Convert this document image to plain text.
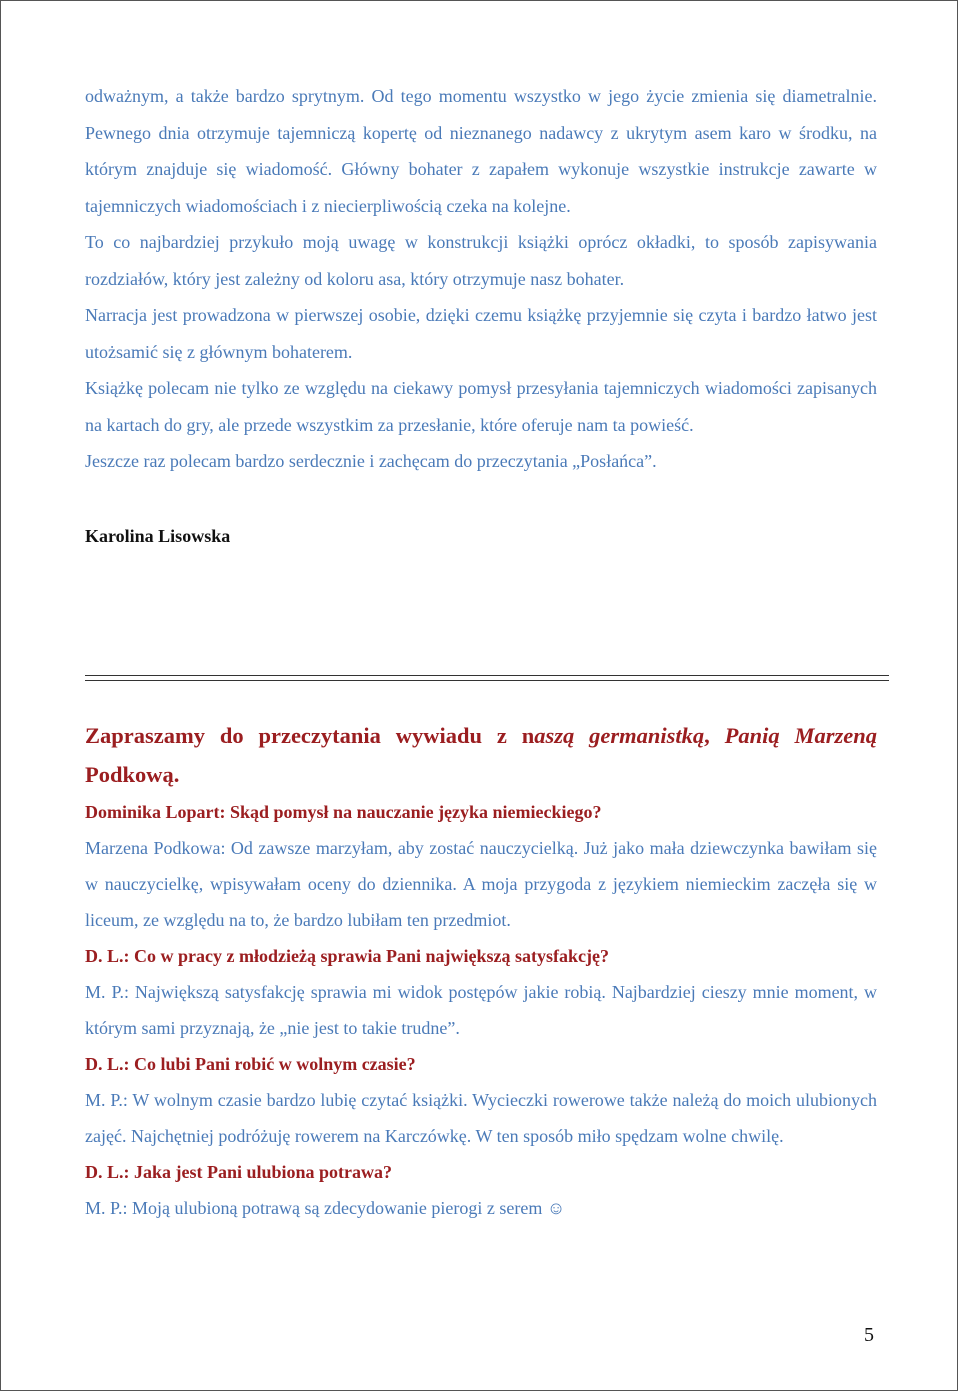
odważnym, a także bardzo sprytnym. Od tego momentu wszystko w jego życie zmienia się diametralnie. Pewnego dnia otrzymuje tajemniczą kopertę od nieznanego nadawcy z ukrytym asem karo w środku, na którym znajduje się wiadomość. Główny bohater z zapałem wykonuje wszystkie instrukcje zawarte w tajemniczych wiadomościach i z niecierpliwością czeka na kolejne.

To co najbardziej przykuło moją uwagę w konstrukcji książki oprócz okładki, to sposób zapisywania rozdziałów, który jest zależny od koloru asa, który otrzymuje nasz bohater.

Narracja jest prowadzona w pierwszej osobie, dzięki czemu książkę przyjemnie się czyta i bardzo łatwo jest utożsamić się z głównym bohaterem.

Książkę polecam nie tylko ze względu na ciekawy pomysł przesyłania tajemniczych wiadomości zapisanych na kartach do gry, ale przede wszystkim za przesłanie, które oferuje nam ta powieść.

Jeszcze raz polecam bardzo serdecznie i zachęcam do przeczytania „Posłańca”.

Karolina Lisowska

Zapraszamy do przeczytania wywiadu z naszą germanistką, Panią Marzeną Podkową.

Dominika Lopart: Skąd pomysł na nauczanie języka niemieckiego?

Marzena Podkowa: Od zawsze marzyłam, aby zostać nauczycielką. Już jako mała dziewczynka bawiłam się w nauczycielkę, wpisywałam oceny do dziennika. A moja przygoda z językiem niemieckim zaczęła się w liceum, ze względu na to, że bardzo lubiłam ten przedmiot.

D. L.: Co w pracy z młodzieżą sprawia Pani największą satysfakcję?

M. P.: Największą satysfakcję sprawia mi widok postępów jakie robią. Najbardziej cieszy mnie moment, w którym sami przyznają, że „nie jest to takie trudne”.

D. L.: Co lubi Pani robić w wolnym czasie?

M. P.: W wolnym czasie bardzo lubię czytać książki. Wycieczki rowerowe także należą do moich ulubionych zajęć. Najchętniej podróżuję rowerem na Karczówkę. W ten sposób miło spędzam wolne chwilę.

D. L.: Jaka jest Pani ulubiona potrawa?

M. P.: Moją ulubioną potrawą są zdecydowanie pierogi z serem ☺

5
